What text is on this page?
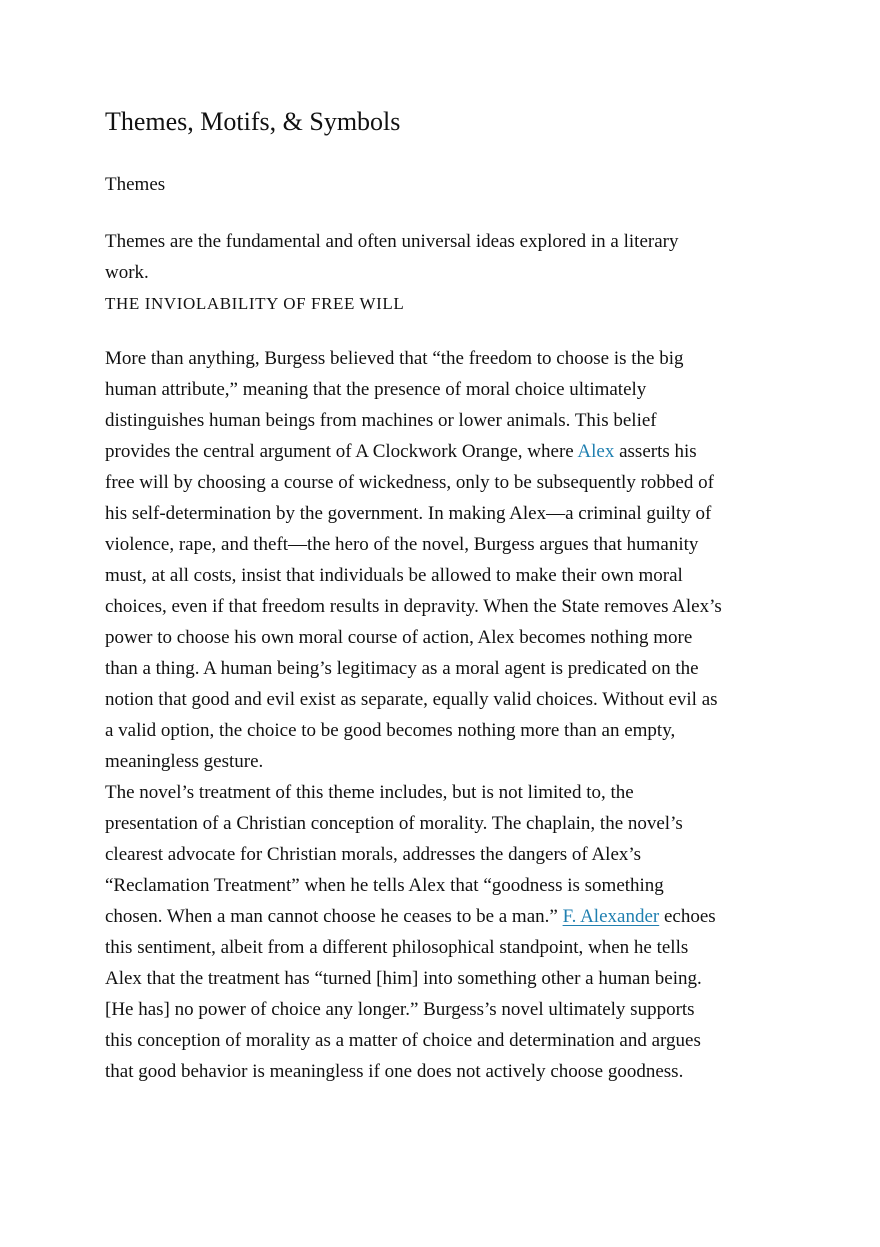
Themes, Motifs, & Symbols
Themes

Themes are the fundamental and often universal ideas explored in a literary work.

THE INVIOLABILITY OF FREE WILL

More than anything, Burgess believed that “the freedom to choose is the big human attribute,” meaning that the presence of moral choice ultimately distinguishes human beings from machines or lower animals. This belief provides the central argument of A Clockwork Orange, where Alex asserts his free will by choosing a course of wickedness, only to be subsequently robbed of his self-determination by the government. In making Alex—a criminal guilty of violence, rape, and theft—the hero of the novel, Burgess argues that humanity must, at all costs, insist that individuals be allowed to make their own moral choices, even if that freedom results in depravity. When the State removes Alex’s power to choose his own moral course of action, Alex becomes nothing more than a thing. A human being’s legitimacy as a moral agent is predicated on the notion that good and evil exist as separate, equally valid choices. Without evil as a valid option, the choice to be good becomes nothing more than an empty, meaningless gesture.

The novel’s treatment of this theme includes, but is not limited to, the presentation of a Christian conception of morality. The chaplain, the novel’s clearest advocate for Christian morals, addresses the dangers of Alex’s “Reclamation Treatment” when he tells Alex that “goodness is something chosen. When a man cannot choose he ceases to be a man.” F. Alexander echoes this sentiment, albeit from a different philosophical standpoint, when he tells Alex that the treatment has “turned [him] into something other a human being. [He has] no power of choice any longer.” Burgess’s novel ultimately supports this conception of morality as a matter of choice and determination and argues that good behavior is meaningless if one does not actively choose goodness.
